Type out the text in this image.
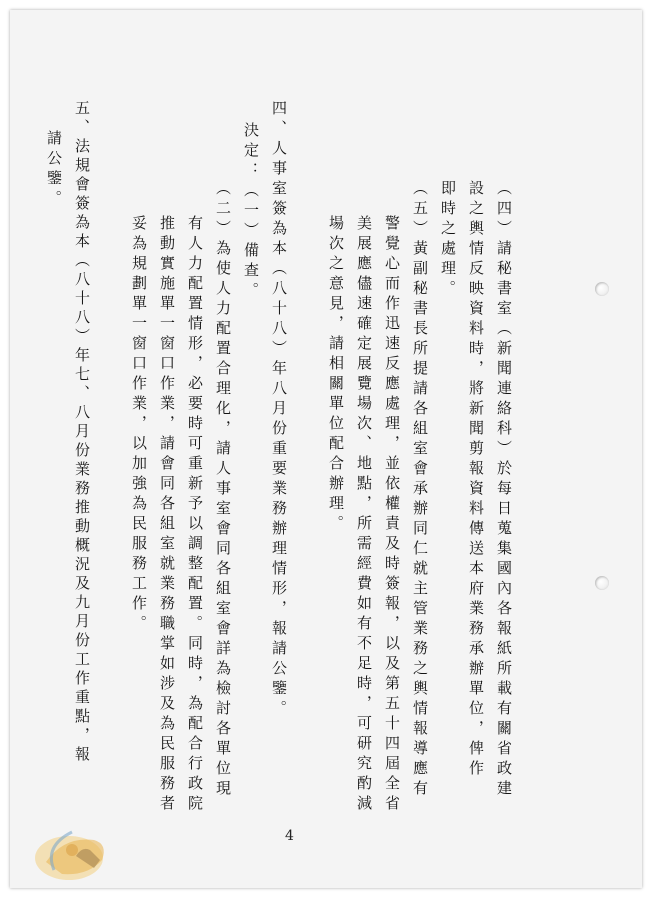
（四）請秘書室（新聞連絡科）於每日蒐集國內各報紙所載有關省政建
設之輿情反映資料時，將新聞剪報資料傳送本府業務承辦單位，俾作
即時之處理。
（五）黃副秘書長所提請各組室會承辦同仁就主管業務之輿情報導應有
警覺心而作迅速反應處理，並依權責及時簽報，以及第五十四屆全省
美展應儘速確定展覽場次、地點，所需經費如有不足時，可研究酌減
場次之意見，請相關單位配合辦理。
四、人事室簽為本（八十八）年八月份重要業務辦理情形，報請公鑒。
決定：（一）備查。
（二）為使人力配置合理化，請人事室會同各組室會詳為檢討各單位現
有人力配置情形，必要時可重新予以調整配置。同時，為配合行政院
推動實施單一窗口作業，請會同各組室就業務職掌如涉及為民服務者
妥為規劃單一窗口作業，以加強為民服務工作。
五、法規會簽為本（八十八）年七、八月份業務推動概況及九月份工作重點，報
請公鑒。
4
